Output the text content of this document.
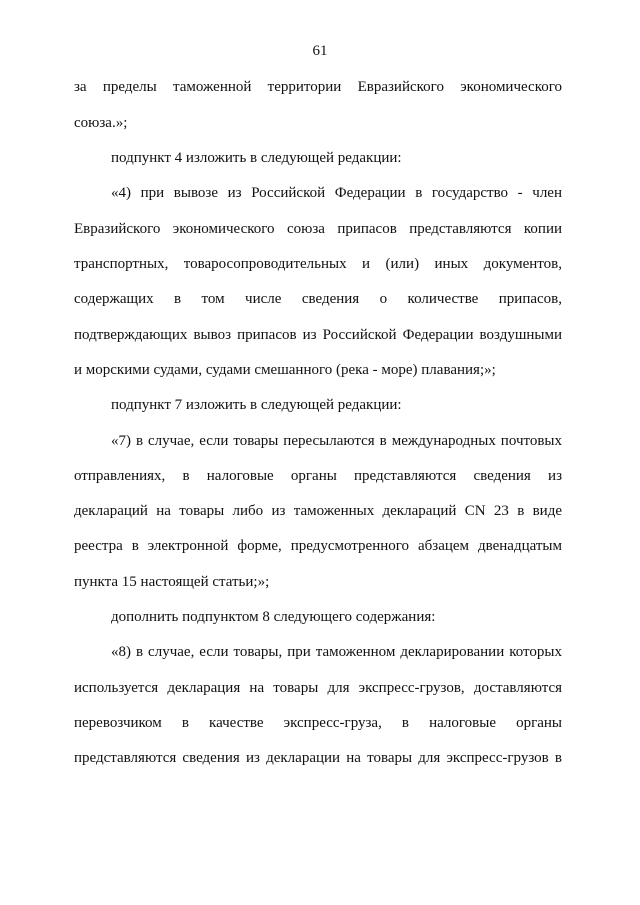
61
за пределы таможенной территории Евразийского экономического
союза.»;
подпункт 4 изложить в следующей редакции:
«4) при вывозе из Российской Федерации в государство - член
Евразийского экономического союза припасов представляются копии
транспортных, товаросопроводительных и (или) иных документов,
содержащих в том числе сведения о количестве припасов,
подтверждающих вывоз припасов из Российской Федерации воздушными
и морскими судами, судами смешанного (река - море) плавания;»;
подпункт 7 изложить в следующей редакции:
«7) в случае, если товары пересылаются в международных почтовых
отправлениях, в налоговые органы представляются сведения из
деклараций на товары либо из таможенных деклараций CN 23 в виде
реестра в электронной форме, предусмотренного абзацем двенадцатым
пункта 15 настоящей статьи;»;
дополнить подпунктом 8 следующего содержания:
«8) в случае, если товары, при таможенном декларировании которых
используется декларация на товары для экспресс-грузов, доставляются
перевозчиком в качестве экспресс-груза, в налоговые органы
представляются сведения из декларации на товары для экспресс-грузов в
